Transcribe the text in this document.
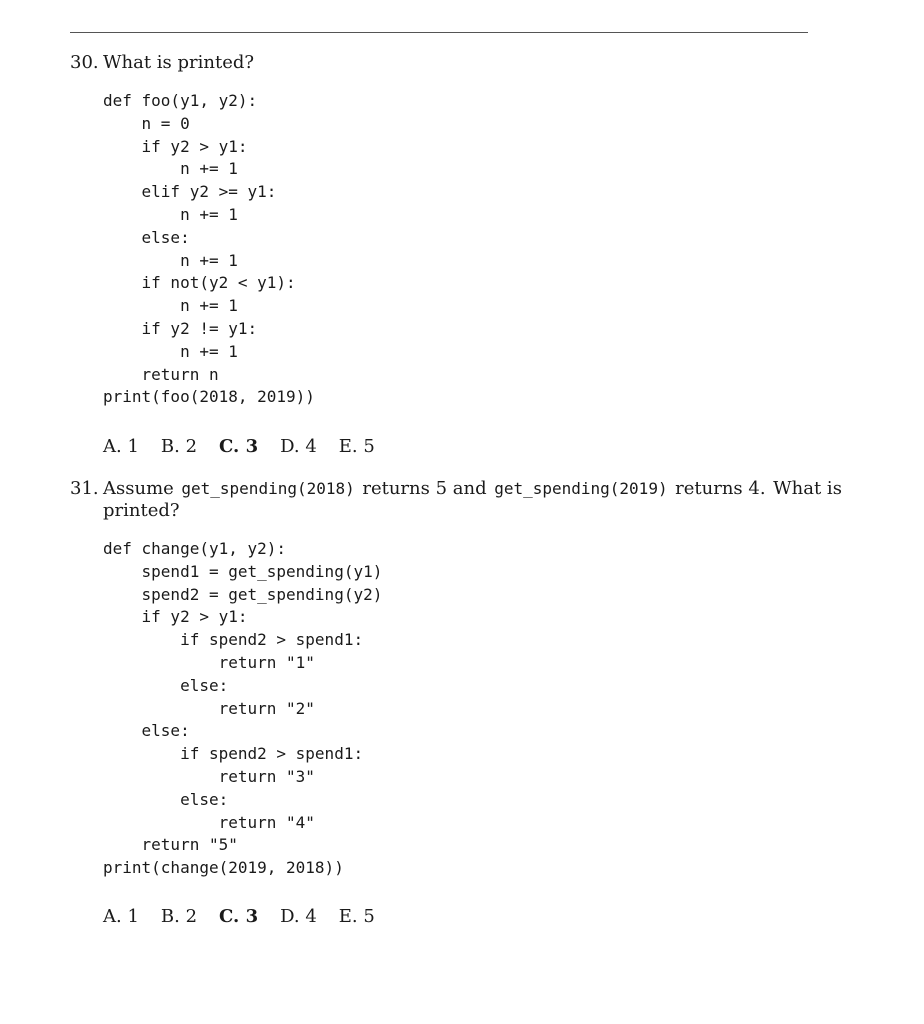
30. What is printed?
def foo(y1, y2):
n = 0
if y2 > y1:
n += 1
elif y2 >= y1:
n += 1
else:
n += 1
if not(y2 < y1):
n += 1
if y2 != y1:
n += 1
return n
print(foo(2018, 2019))
A. 1 B. 2 C. 3 D. 4 E. 5
31. Assume get_spending(2018) returns 5 and get_spending(2019) returns 4. What is
printed?
def change(y1, y2):
spend1 = get_spending(y1)
spend2 = get_spending(y2)
if y2 > y1:
if spend2 > spend1:
return "1"
else:
return "2"
else:
if spend2 > spend1:
return "3"
else:
return "4"
return "5"
print(change(2019, 2018))
A. 1 B. 2 C. 3 D. 4 E. 5
